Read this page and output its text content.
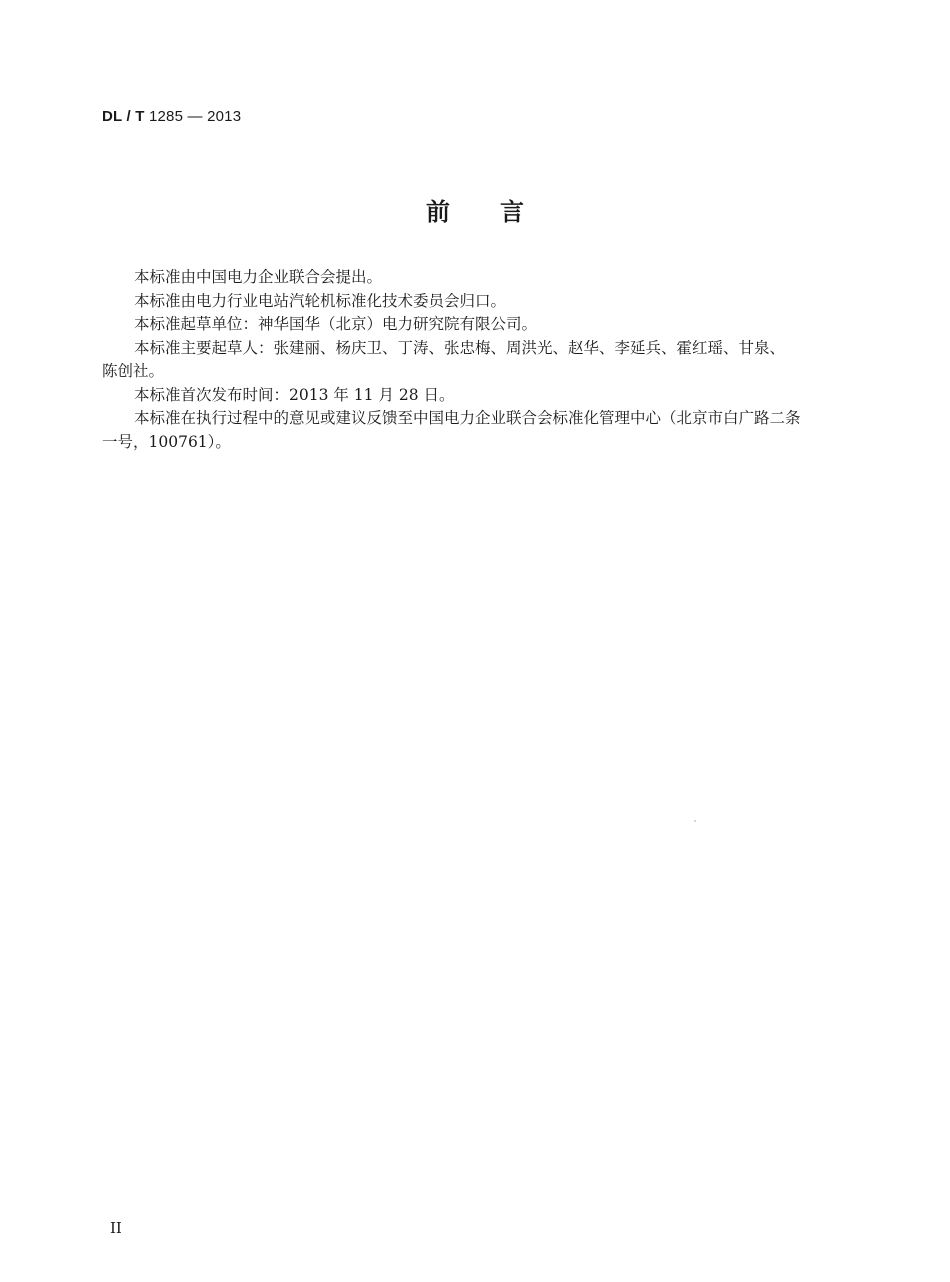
DL / T 1285 — 2013
前言

本标准由中国电力企业联合会提出。

本标准由电力行业电站汽轮机标准化技术委员会归口。

本标准起草单位：神华国华（北京）电力研究院有限公司。

本标准主要起草人：张建丽、杨庆卫、丁涛、张忠梅、周洪光、赵华、李延兵、霍红瑶、甘泉、

陈创社。

本标准首次发布时间：2013 年 11 月 28 日。

本标准在执行过程中的意见或建议反馈至中国电力企业联合会标准化管理中心（北京市白广路二条

一号，100761）。

II
